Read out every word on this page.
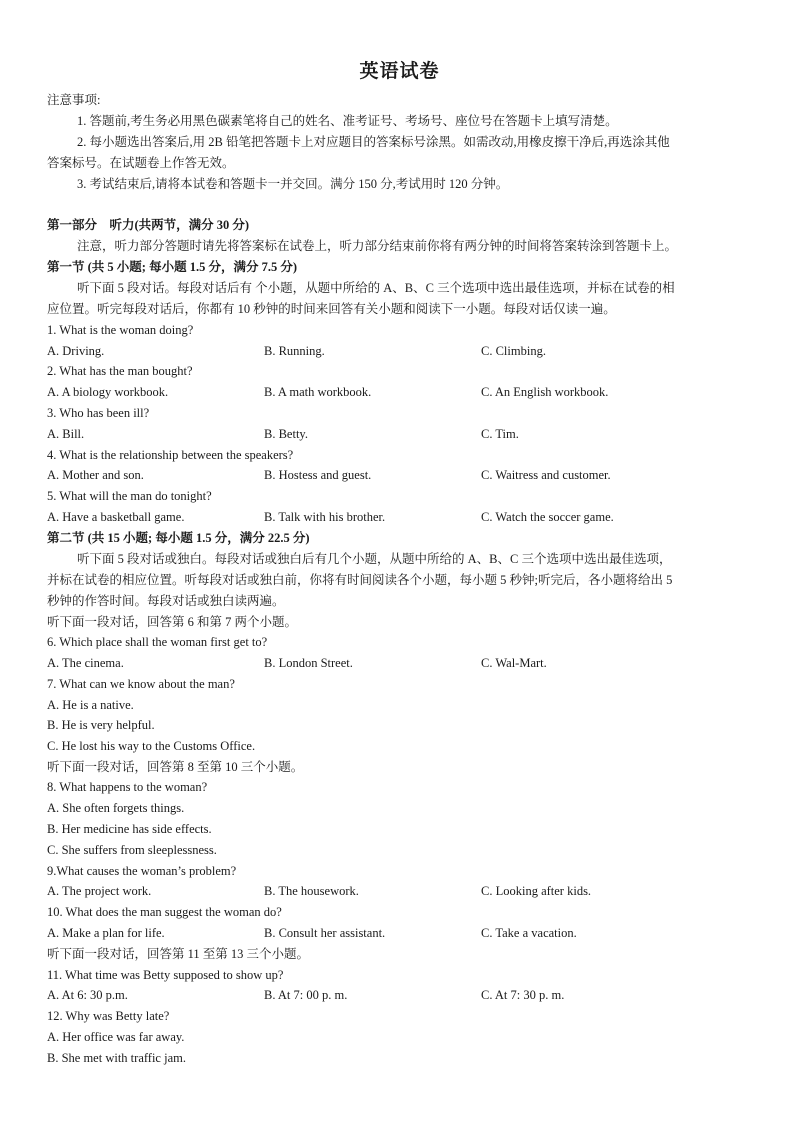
英语试卷
注意事项:
1. 答题前,考生务必用黑色碳素笔将自己的姓名、准考证号、考场号、座位号在答题卡上填写清楚。
2. 每小题选出答案后,用 2B 铅笔把答题卡上对应题目的答案标号涂黑。如需改动,用橡皮擦干净后,再选涂其他
答案标号。在试题卷上作答无效。
3. 考试结束后,请将本试卷和答题卡一并交回。满分 150 分,考试用时 120 分钟。
第一部分　听力(共两节，满分 30 分)
注意，听力部分答题时请先将答案标在试卷上，听力部分结束前你将有两分钟的时间将答案转涂到答题卡上。
第一节 (共 5 小题; 每小题 1.5 分，满分 7.5 分)
听下面 5 段对话。每段对话后有 个小题，从题中所给的 A、B、C 三个选项中选出最佳选项，并标在试卷的相
应位置。听完每段对话后，你都有 10 秒钟的时间来回答有关小题和阅读下一小题。每段对话仅读一遍。
1. What is the woman doing?
A. Driving.	B. Running.	C. Climbing.
2. What has the man bought?
A. A biology workbook.	B. A math workbook.	C. An English workbook.
3. Who has been ill?
A. Bill.	B. Betty.	C. Tim.
4. What is the relationship between the speakers?
A. Mother and son.	B. Hostess and guest.	C. Waitress and customer.
5. What will the man do tonight?
A. Have a basketball game.	B. Talk with his brother.	C. Watch the soccer game.
第二节 (共 15 小题; 每小题 1.5 分，满分 22.5 分)
听下面 5 段对话或独白。每段对话或独白后有几个小题，从题中所给的 A、B、C 三个选项中选出最佳选项，
并标在试卷的相应位置。听每段对话或独白前，你将有时间阅读各个小题，每小题 5 秒钟;听完后，各小题将给出 5
秒钟的作答时间。每段对话或独白读两遍。
听下面一段对话，回答第 6 和第 7 两个小题。
6. Which place shall the woman first get to?
A. The cinema.	B. London Street.	C. Wal-Mart.
7. What can we know about the man?
A. He is a native.
B. He is very helpful.
C. He lost his way to the Customs Office.
听下面一段对话，回答第 8 至第 10 三个小题。
8. What happens to the woman?
A. She often forgets things.
B. Her medicine has side effects.
C. She suffers from sleeplessness.
9.What causes the woman’s problem?
A. The project work.	B. The housework.	C. Looking after kids.
10. What does the man suggest the woman do?
A. Make a plan for life.	B. Consult her assistant.	C. Take a vacation.
听下面一段对话，回答第 11 至第 13 三个小题。
11. What time was Betty supposed to show up?
A. At 6: 30 p.m.	B. At 7: 00 p. m.	C. At 7: 30 p. m.
12. Why was Betty late?
A. Her office was far away.
B. She met with traffic jam.
